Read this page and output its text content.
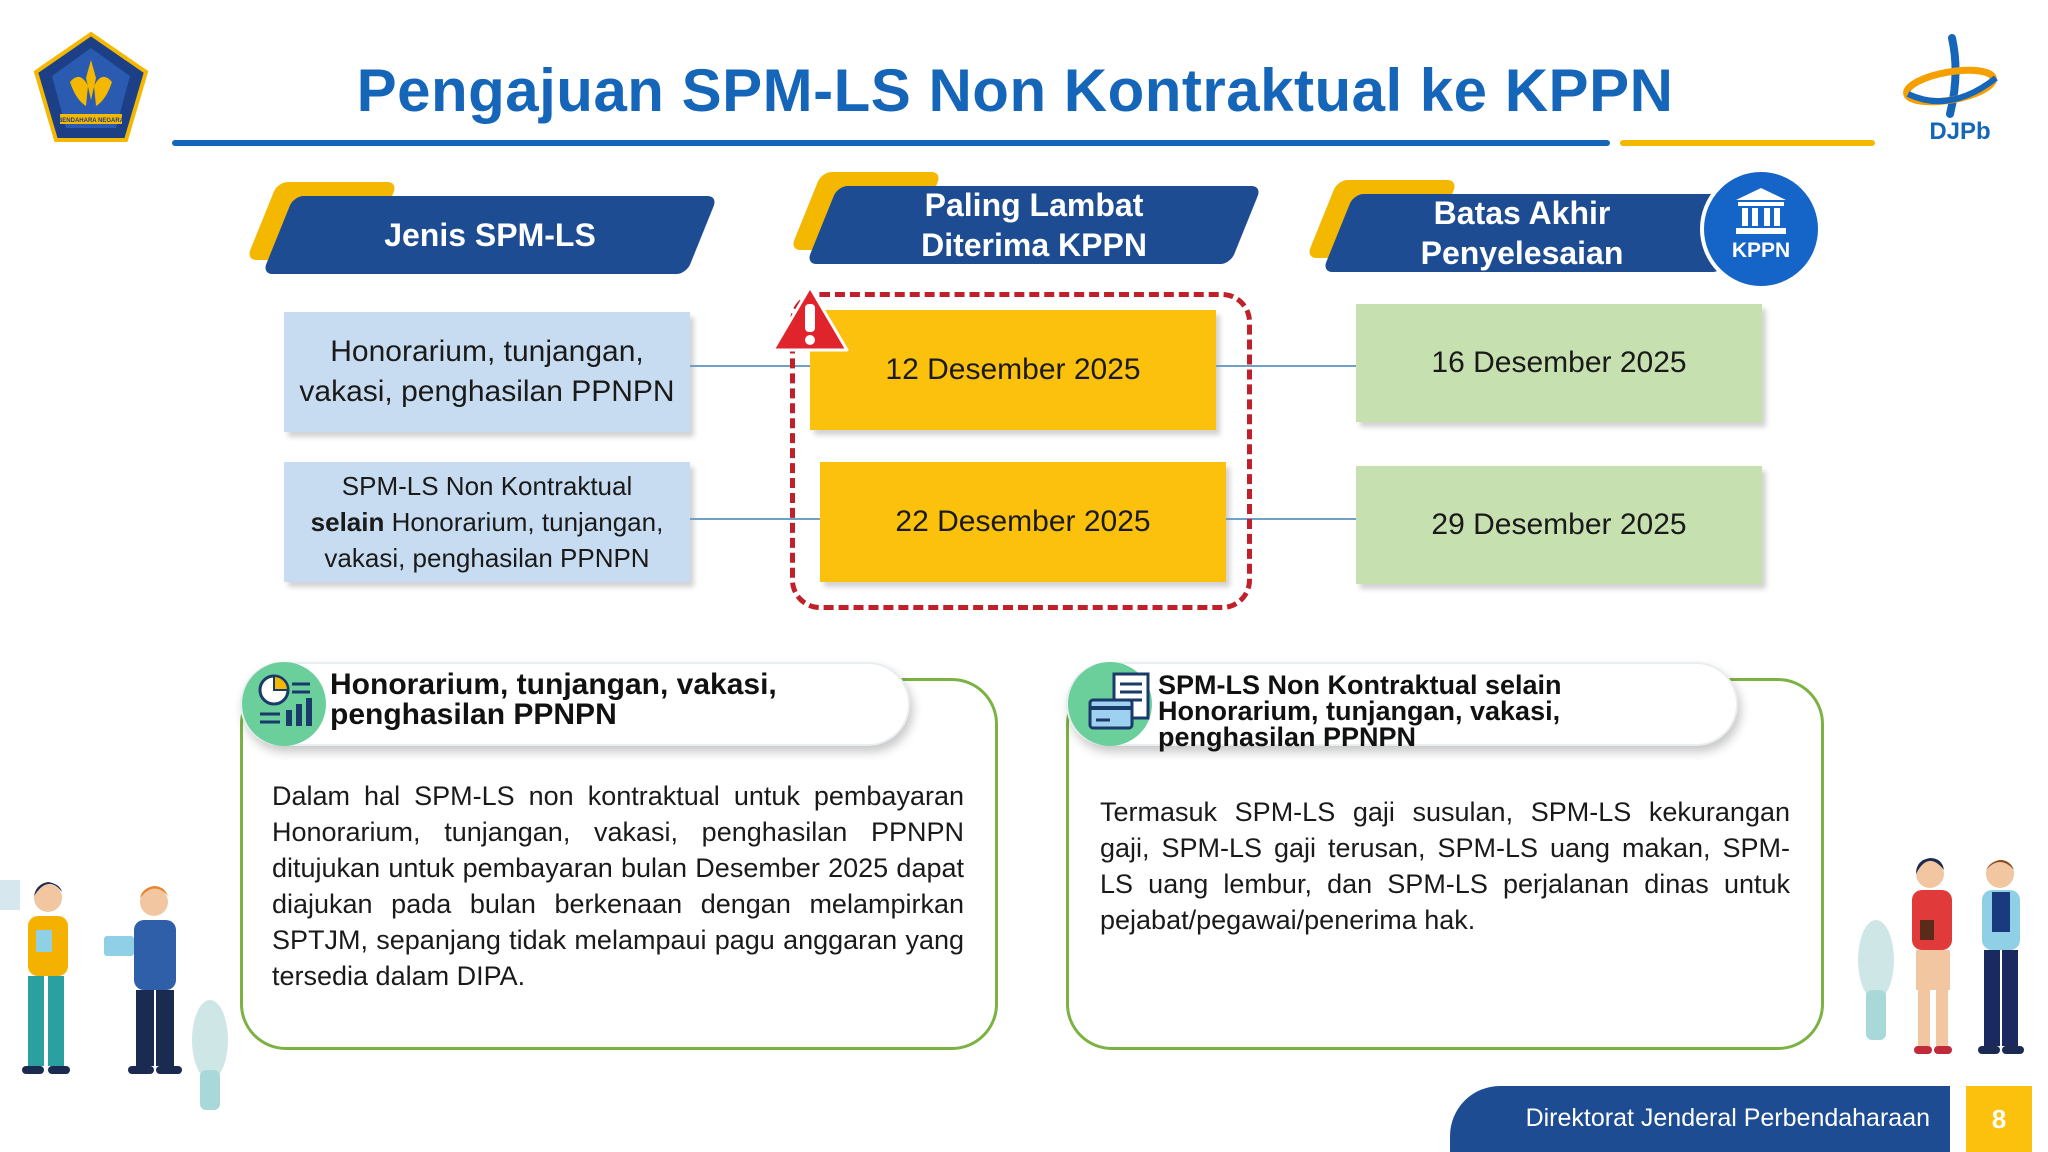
BENDAHARA NEGARA	Pengajuan SPM-LS Non Kontraktual ke KPPN
DJPb
Jenis SPM-LS
Paling Lambat Diterima KPPN
Batas Akhir Penyelesaian	KPPN
Honorarium, tunjangan, vakasi, penghasilan PPNPN
12 Desember 2025	16 Desember 2025
SPM-LS Non Kontraktual
selain Honorarium, tunjangan,
vakasi, penghasilan PPNPN
22 Desember 2025	29 Desember 2025
Honorarium, tunjangan, vakasi, penghasilan PPNPN
Dalam hal SPM-LS non kontraktual untuk pembayaran Honorarium, tunjangan, vakasi, penghasilan PPNPN ditujukan untuk pembayaran bulan Desember 2025 dapat diajukan pada bulan berkenaan dengan melampirkan SPTJM, sepanjang tidak melampaui pagu anggaran yang tersedia dalam DIPA.
SPM-LS Non Kontraktual selain Honorarium, tunjangan, vakasi, penghasilan PPNPN
Termasuk SPM-LS gaji susulan, SPM-LS kekurangan gaji, SPM-LS gaji terusan, SPM-LS uang makan, SPM-LS uang lembur, dan SPM-LS perjalanan dinas untuk pejabat/pegawai/penerima hak.
Direktorat Jenderal Perbendaharaan 8
